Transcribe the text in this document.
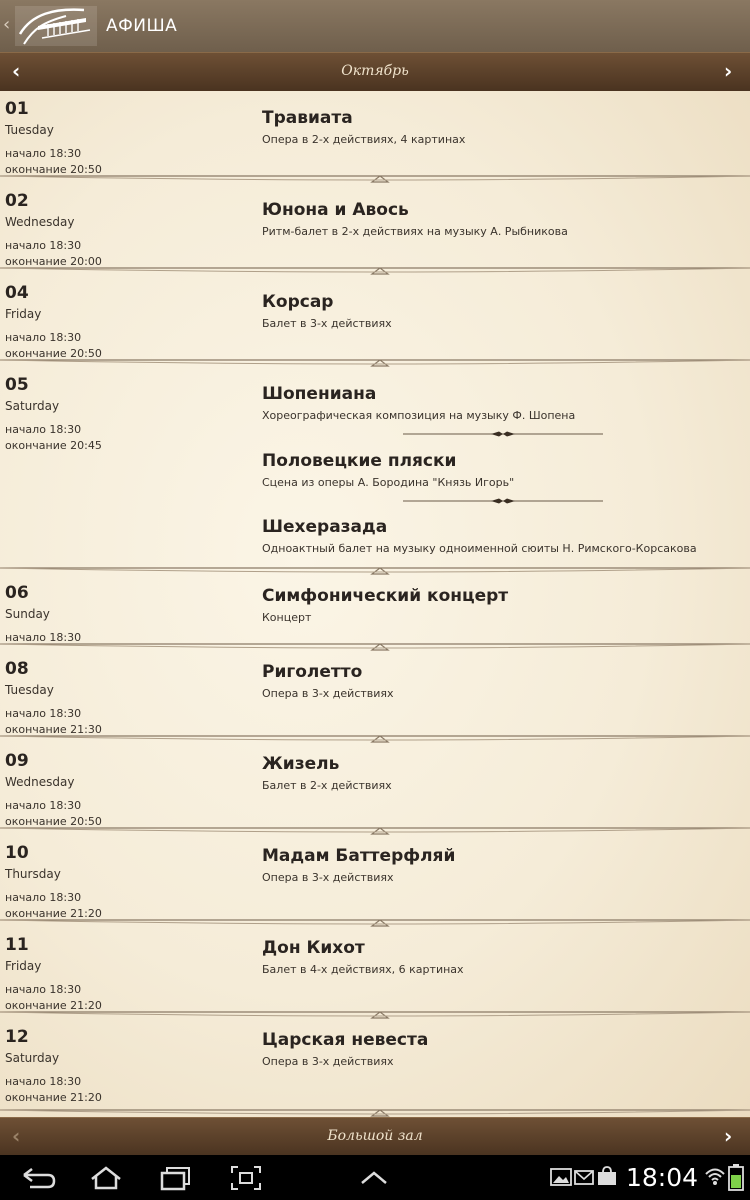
‹	АФИША
‹	Октябрь	›
01
Tuesday
начало 18:30
окончание 20:50
Травиата
Опера в 2-х действиях, 4 картинах
02
Wednesday
начало 18:30
окончание 20:00
Юнона и Авось
Ритм-балет в 2-х действиях на музыку А. Рыбникова
04
Friday
начало 18:30
окончание 20:50
Корсар
Балет в 3-х действиях
05
Saturday
начало 18:30
окончание 20:45
Шопениана
Хореографическая композиция на музыку Ф. Шопена
Половецкие пляски
Сцена из оперы А. Бородина "Князь Игорь"
Шехеразада
Одноактный балет на музыку одноименной сюиты Н. Римского-Корсакова
06
Sunday
начало 18:30
Симфонический концерт
Концерт
08
Tuesday
начало 18:30
окончание 21:30
Риголетто
Опера в 3-х действиях
09
Wednesday
начало 18:30
окончание 20:50
Жизель
Балет в 2-х действиях
10
Thursday
начало 18:30
окончание 21:20
Мадам Баттерфляй
Опера в 3-х действиях
11
Friday
начало 18:30
окончание 21:20
Дон Кихот
Балет в 4-х действиях, 6 картинах
12
Saturday
начало 18:30
окончание 21:20
Царская невеста
Опера в 3-х действиях
‹	Большой зал	›
18:04
